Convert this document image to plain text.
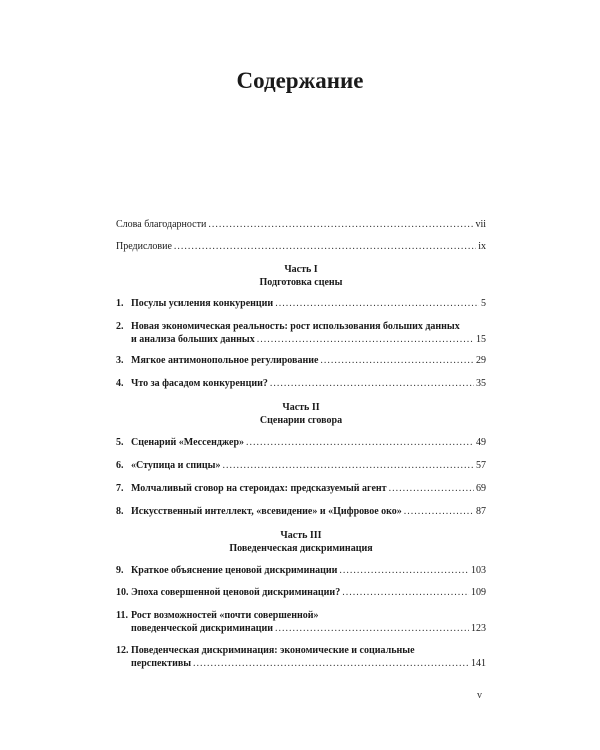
Содержание
Слова благодарности .....	vii
Предисловие .....	ix
Часть I
Подготовка сцены
1. Посулы усиления конкуренции .....	5
2. Новая экономическая реальность: рост использования больших данных
и анализа больших данных .....	15
3. Мягкое антимонопольное регулирование .....	29
4. Что за фасадом конкуренции? .....	35
Часть II
Сценарии сговора
5. Сценарий «Мессенджер» .....	49
6. «Ступица и спицы» .....	57
7. Молчаливый сговор на стероидах: предсказуемый агент .....	69
8. Искусственный интеллект, «всевидение» и «Цифровое око» .....	87
Часть III
Поведенческая дискриминация
9. Краткое объяснение ценовой дискриминации .....	103
10. Эпоха совершенной ценовой дискриминации? .....	109
11. Рост возможностей «почти совершенной»
поведенческой дискриминации .....	123
12. Поведенческая дискриминация: экономические и социальные
перспективы .....	141
v
